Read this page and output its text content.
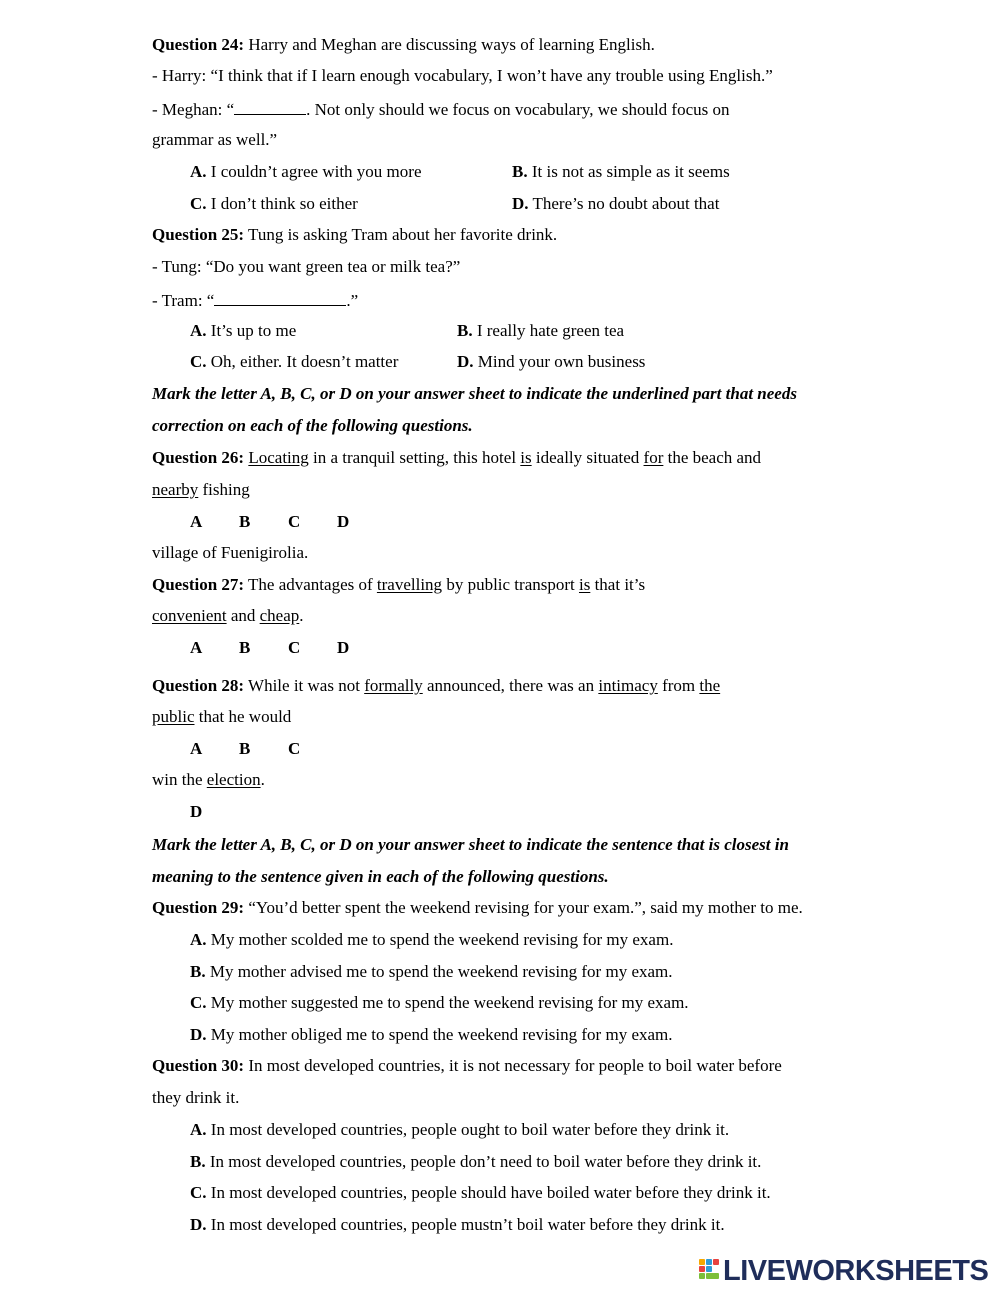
Question 24: Harry and Meghan are discussing ways of learning English.
- Harry: “I think that if I learn enough vocabulary, I won’t have any trouble using English.”
- Meghan: “	. Not only should we focus on vocabulary, we should focus on
grammar as well.”
A. I couldn’t agree with you more	B. It is not as simple as it seems
C. I don’t think so either	D. There’s no doubt about that
Question 25: Tung is asking Tram about her favorite drink.
- Tung: “Do you want green tea or milk tea?”
- Tram: “	.”
A. It’s up to me	B. I really hate green tea
C. Oh, either. It doesn’t matter	D. Mind your own business
Mark the letter A, B, C, or D on your answer sheet to indicate the underlined part that needs
correction on each of the following questions.
Question 26: Locating in a tranquil setting, this hotel is ideally situated for the beach and
nearby fishing
A B C D
village of Fuenigirolia.
Question 27: The advantages of travelling by public transport is that it’s
convenient and cheap.
A B C D
Question 28: While it was not formally announced, there was an intimacy from the
public that he would
A B C
win the election.
D
Mark the letter A, B, C, or D on your answer sheet to indicate the sentence that is closest in
meaning to the sentence given in each of the following questions.
Question 29: “You’d better spent the weekend revising for your exam.”, said my mother to me.
A. My mother scolded me to spend the weekend revising for my exam.
B. My mother advised me to spend the weekend revising for my exam.
C. My mother suggested me to spend the weekend revising for my exam.
D. My mother obliged me to spend the weekend revising for my exam.
Question 30: In most developed countries, it is not necessary for people to boil water before
they drink it.
A. In most developed countries, people ought to boil water before they drink it.
B. In most developed countries, people don’t need to boil water before they drink it.
C. In most developed countries, people should have boiled water before they drink it.
D. In most developed countries, people mustn’t boil water before they drink it.
LIVEWORKSHEETS
